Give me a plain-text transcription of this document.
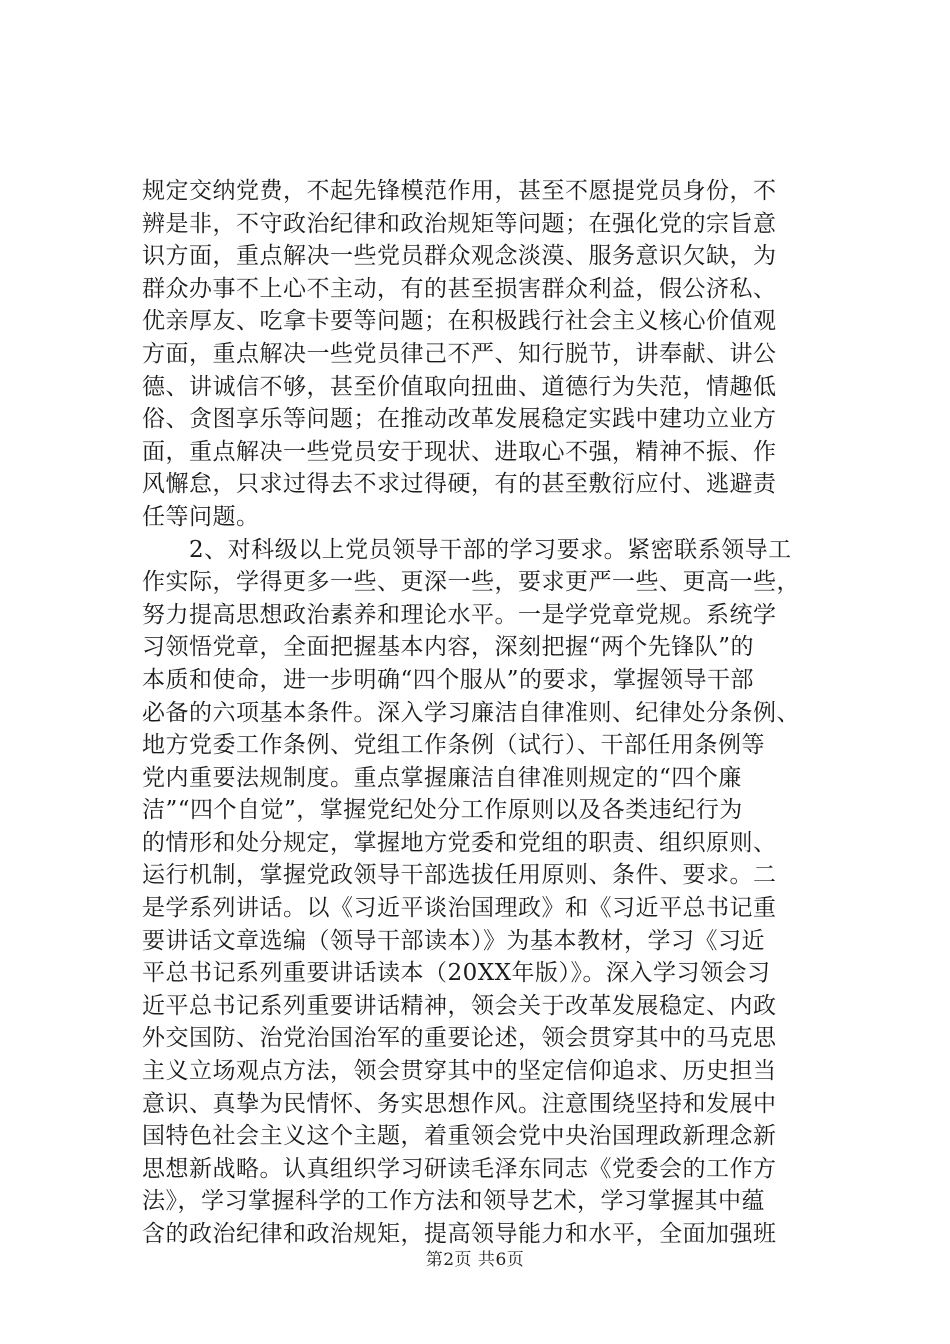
规定交纳党费，不起先锋模范作用，甚至不愿提党员身份，不
辨是非，不守政治纪律和政治规矩等问题；在强化党的宗旨意
识方面，重点解决一些党员群众观念淡漠、服务意识欠缺，为
群众办事不上心不主动，有的甚至损害群众利益，假公济私、
优亲厚友、吃拿卡要等问题；在积极践行社会主义核心价值观
方面，重点解决一些党员律己不严、知行脱节，讲奉献、讲公
德、讲诚信不够，甚至价值取向扭曲、道德行为失范，情趣低
俗、贪图享乐等问题；在推动改革发展稳定实践中建功立业方
面，重点解决一些党员安于现状、进取心不强，精神不振、作
风懈怠，只求过得去不求过得硬，有的甚至敷衍应付、逃避责
任等问题。
　　2、对科级以上党员领导干部的学习要求。紧密联系领导工
作实际，学得更多一些、更深一些，要求更严一些、更高一些，
努力提高思想政治素养和理论水平。一是学党章党规。系统学
习领悟党章，全面把握基本内容，深刻把握“两个先锋队”的
本质和使命，进一步明确“四个服从”的要求，掌握领导干部
必备的六项基本条件。深入学习廉洁自律准则、纪律处分条例、
地方党委工作条例、党组工作条例（试行）、干部任用条例等
党内重要法规制度。重点掌握廉洁自律准则规定的“四个廉
洁”“四个自觉”，掌握党纪处分工作原则以及各类违纪行为
的情形和处分规定，掌握地方党委和党组的职责、组织原则、
运行机制，掌握党政领导干部选拔任用原则、条件、要求。二
是学系列讲话。以《习近平谈治国理政》和《习近平总书记重
要讲话文章选编（领导干部读本）》为基本教材，学习《习近
平总书记系列重要讲话读本（20XX年版）》。深入学习领会习
近平总书记系列重要讲话精神，领会关于改革发展稳定、内政
外交国防、治党治国治军的重要论述，领会贯穿其中的马克思
主义立场观点方法，领会贯穿其中的坚定信仰追求、历史担当
意识、真挚为民情怀、务实思想作风。注意围绕坚持和发展中
国特色社会主义这个主题，着重领会党中央治国理政新理念新
思想新战略。认真组织学习研读毛泽东同志《党委会的工作方
法》，学习掌握科学的工作方法和领导艺术，学习掌握其中蕴
含的政治纪律和政治规矩，提高领导能力和水平，全面加强班
第2页 共6页
